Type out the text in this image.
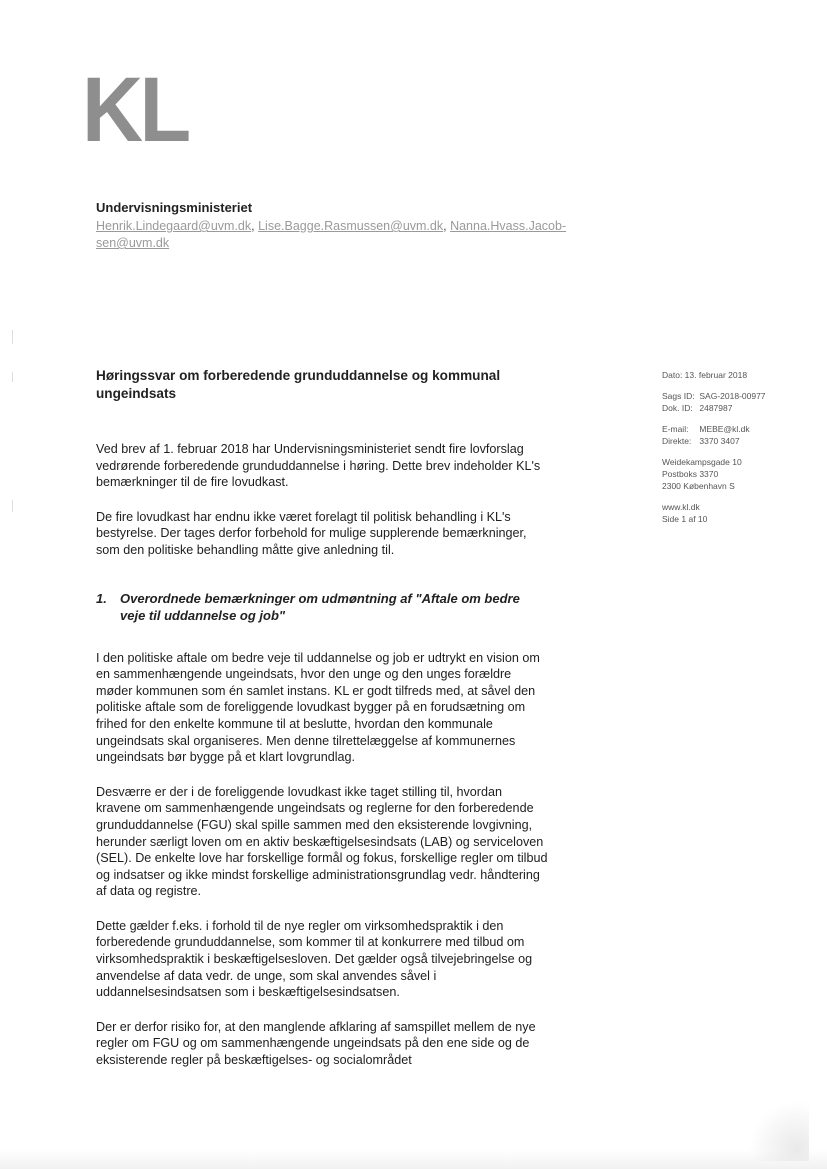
KL
Undervisningsministeriet
Henrik.Lindegaard@uvm.dk, Lise.Bagge.Rasmussen@uvm.dk, Nanna.Hvass.Jacob-
sen@uvm.dk
Dato: 13. februar 2018
Sags ID: SAG-2018-00977
Dok. ID: 2487987
E-mail: MEBE@kl.dk
Direkte: 3370 3407
Weidekampsgade 10
Postboks 3370
2300 København S
www.kl.dk
Side 1 af 10
Høringssvar om forberedende grunduddannelse og kommunal ungeindsats

Ved brev af 1. februar 2018 har Undervisningsministeriet sendt fire lovforslag vedrørende forberedende grunduddannelse i høring. Dette brev indeholder KL's bemærkninger til de fire lovudkast.

De fire lovudkast har endnu ikke været forelagt til politisk behandling i KL's bestyrelse. Der tages derfor forbehold for mulige supplerende bemærkninger, som den politiske behandling måtte give anledning til.

1. Overordnede bemærkninger om udmøntning af "Aftale om bedre veje til uddannelse og job"

I den politiske aftale om bedre veje til uddannelse og job er udtrykt en vision om en sammenhængende ungeindsats, hvor den unge og den unges forældre møder kommunen som én samlet instans. KL er godt tilfreds med, at såvel den politiske aftale som de foreliggende lovudkast bygger på en forudsætning om frihed for den enkelte kommune til at beslutte, hvordan den kommunale ungeindsats skal organiseres. Men denne tilrettelæggelse af kommunernes ungeindsats bør bygge på et klart lovgrundlag.

Desværre er der i de foreliggende lovudkast ikke taget stilling til, hvordan kravene om sammenhængende ungeindsats og reglerne for den forberedende grunduddannelse (FGU) skal spille sammen med den eksisterende lovgivning, herunder særligt loven om en aktiv beskæftigelsesindsats (LAB) og serviceloven (SEL). De enkelte love har forskellige formål og fokus, forskellige regler om tilbud og indsatser og ikke mindst forskellige administrationsgrundlag vedr. håndtering af data og registre.

Dette gælder f.eks. i forhold til de nye regler om virksomhedspraktik i den forberedende grunduddannelse, som kommer til at konkurrere med tilbud om virksomhedspraktik i beskæftigelsesloven. Det gælder også tilvejebringelse og anvendelse af data vedr. de unge, som skal anvendes såvel i uddannelsesindsatsen som i beskæftigelsesindsatsen.

Der er derfor risiko for, at den manglende afklaring af samspillet mellem de nye regler om FGU og om sammenhængende ungeindsats på den ene side og de eksisterende regler på beskæftigelses- og socialområdet
